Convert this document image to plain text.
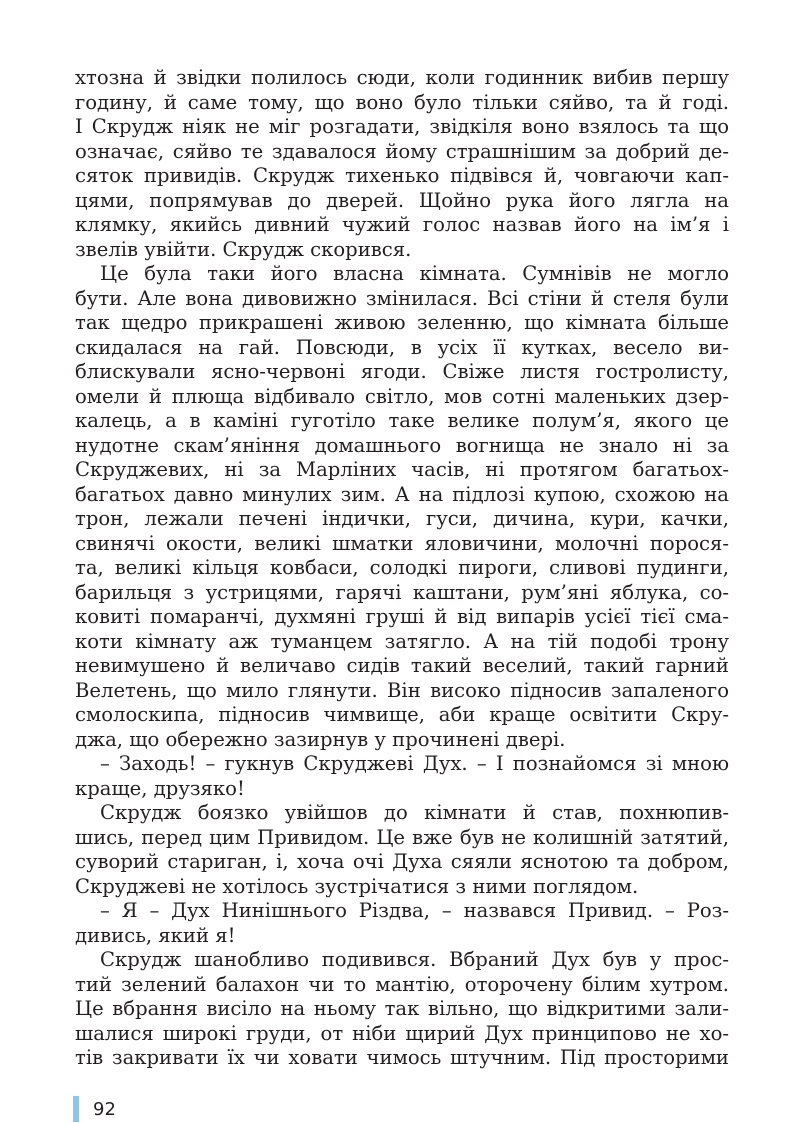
хтозна й звідки полилось сюди, коли годинник вибив першу
годину, й саме тому, що воно було тільки сяйво, та й годі.
І Скрудж ніяк не міг розгадати, звідкіля воно взялось та що
означає, сяйво те здавалося йому страшнішим за добрий де-
сяток привидів. Скрудж тихенько підвівся й, човгаючи кап-
цями, попрямував до дверей. Щойно рука його лягла на
клямку, якийсь дивний чужий голос назвав його на ім’я і
звелів увійти. Скрудж скорився.
Це була таки його власна кімната. Сумнівів не могло
бути. Але вона дивовижно змінилася. Всі стіни й стеля були
так щедро прикрашені живою зеленню, що кімната більше
скидалася на гай. Повсюди, в усіх її кутках, весело ви-
блискували ясно-червоні ягоди. Свіже листя гостролисту,
омели й плюща відбивало світло, мов сотні маленьких дзер-
калець, а в каміні гуготіло таке велике полум’я, якого це
нудотне скам’яніння домашнього вогнища не знало ні за
Скруджевих, ні за Марліних часів, ні протягом багатьох-
багатьох давно минулих зим. А на підлозі купою, схожою на
трон, лежали печені індички, гуси, дичина, кури, качки,
свинячі окости, великі шматки яловичини, молочні порося-
та, великі кільця ковбаси, солодкі пироги, сливові пудинги,
барильця з устрицями, гарячі каштани, рум’яні яблука, со-
ковиті помаранчі, духмяні груші й від випарів усієї тієї сма-
коти кімнату аж туманцем затягло. А на тій подобі трону
невимушено й величаво сидів такий веселий, такий гарний
Велетень, що мило глянути. Він високо підносив запаленого
смолоскипа, підносив чимвище, аби краще освітити Скру-
джа, що обережно зазирнув у прочинені двері.
– Заходь! – гукнув Скруджеві Дух. – І познайомся зі мною
краще, друзяко!
Скрудж боязко увійшов до кімнати й став, похнюпив-
шись, перед цим Привидом. Це вже був не колишній затятий,
суворий стариган, і, хоча очі Духа сяяли яснотою та добром,
Скруджеві не хотілось зустрічатися з ними поглядом.
– Я – Дух Нинішнього Різдва, – назвався Привид. – Роз-
дивись, який я!
Скрудж шанобливо подивився. Вбраний Дух був у прос-
тий зелений балахон чи то мантію, оторочену білим хутром.
Це вбрання висіло на ньому так вільно, що відкритими зали-
шалися широкі груди, от ніби щирий Дух принципово не хо-
тів закривати їх чи ховати чимось штучним. Під просторими
92
